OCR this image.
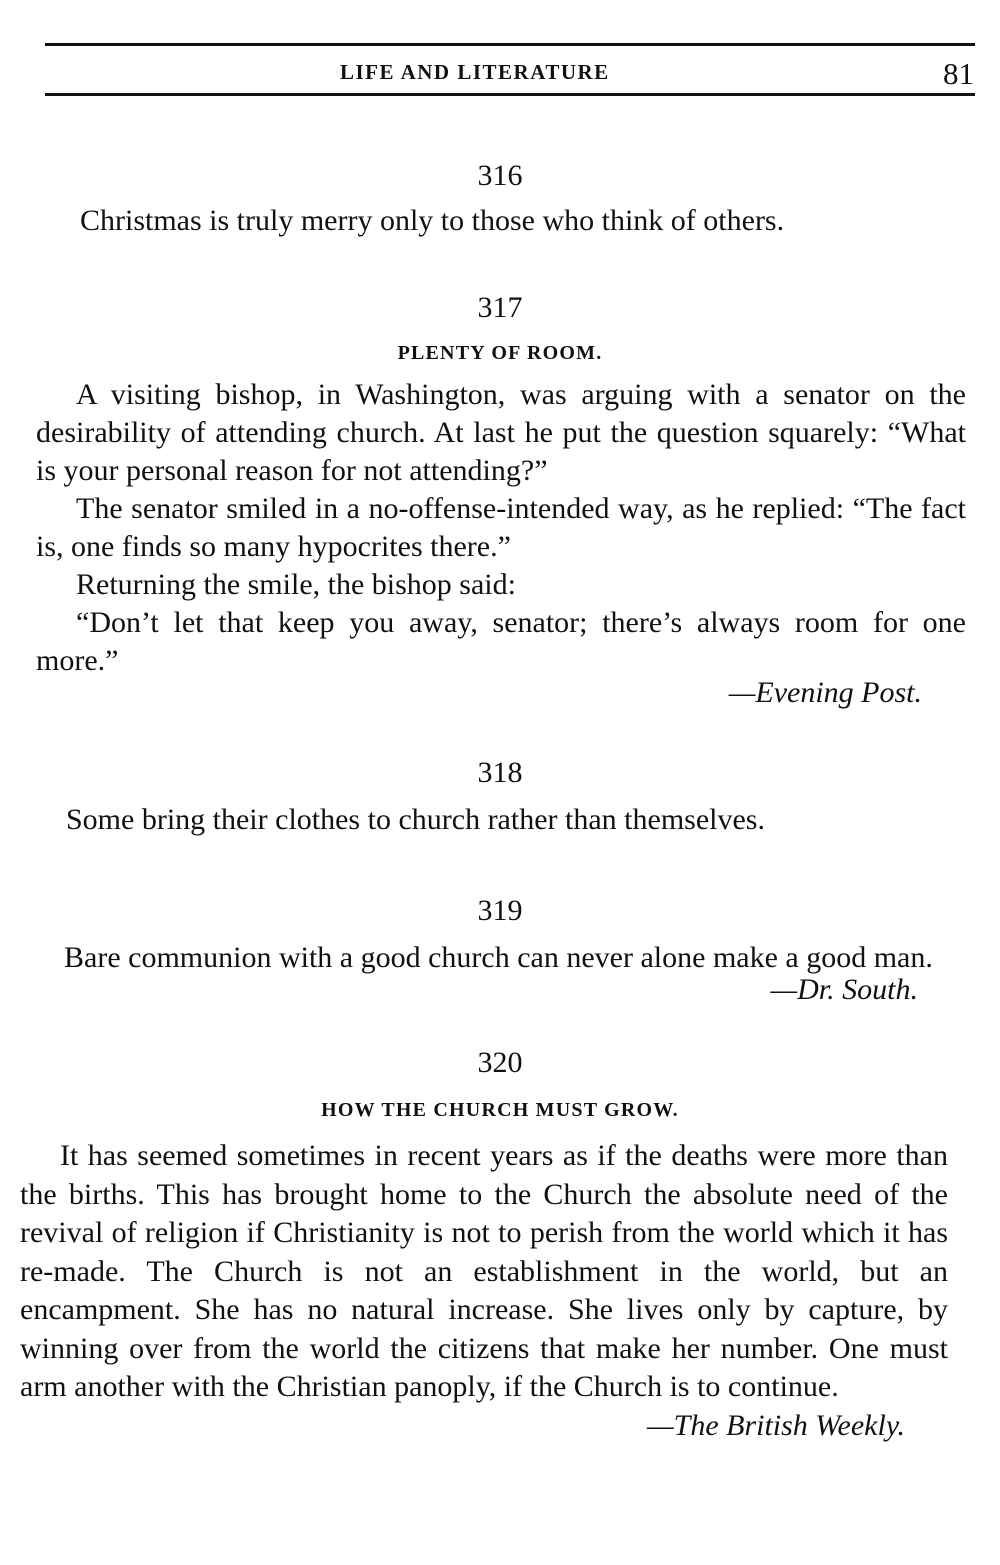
LIFE AND LITERATURE	81
316

Christmas is truly merry only to those who think of others.

317
PLENTY OF ROOM.

A visiting bishop, in Washington, was arguing with a senator on the desirability of attending church. At last he put the question squarely: “What is your personal reason for not attending?”

The senator smiled in a no-offense-intended way, as he replied: “The fact is, one finds so many hypocrites there.”

Returning the smile, the bishop said:

“Don’t let that keep you away, senator; there’s always room for one more.”

—Evening Post.

318

Some bring their clothes to church rather than themselves.

319

Bare communion with a good church can never alone make a good man.

—Dr. South.

320
HOW THE CHURCH MUST GROW.

It has seemed sometimes in recent years as if the deaths were more than the births. This has brought home to the Church the absolute need of the revival of religion if Christianity is not to perish from the world which it has re-made. The Church is not an establishment in the world, but an encampment. She has no natural increase. She lives only by capture, by winning over from the world the citizens that make her number. One must arm another with the Christian panoply, if the Church is to continue.

—The British Weekly.
